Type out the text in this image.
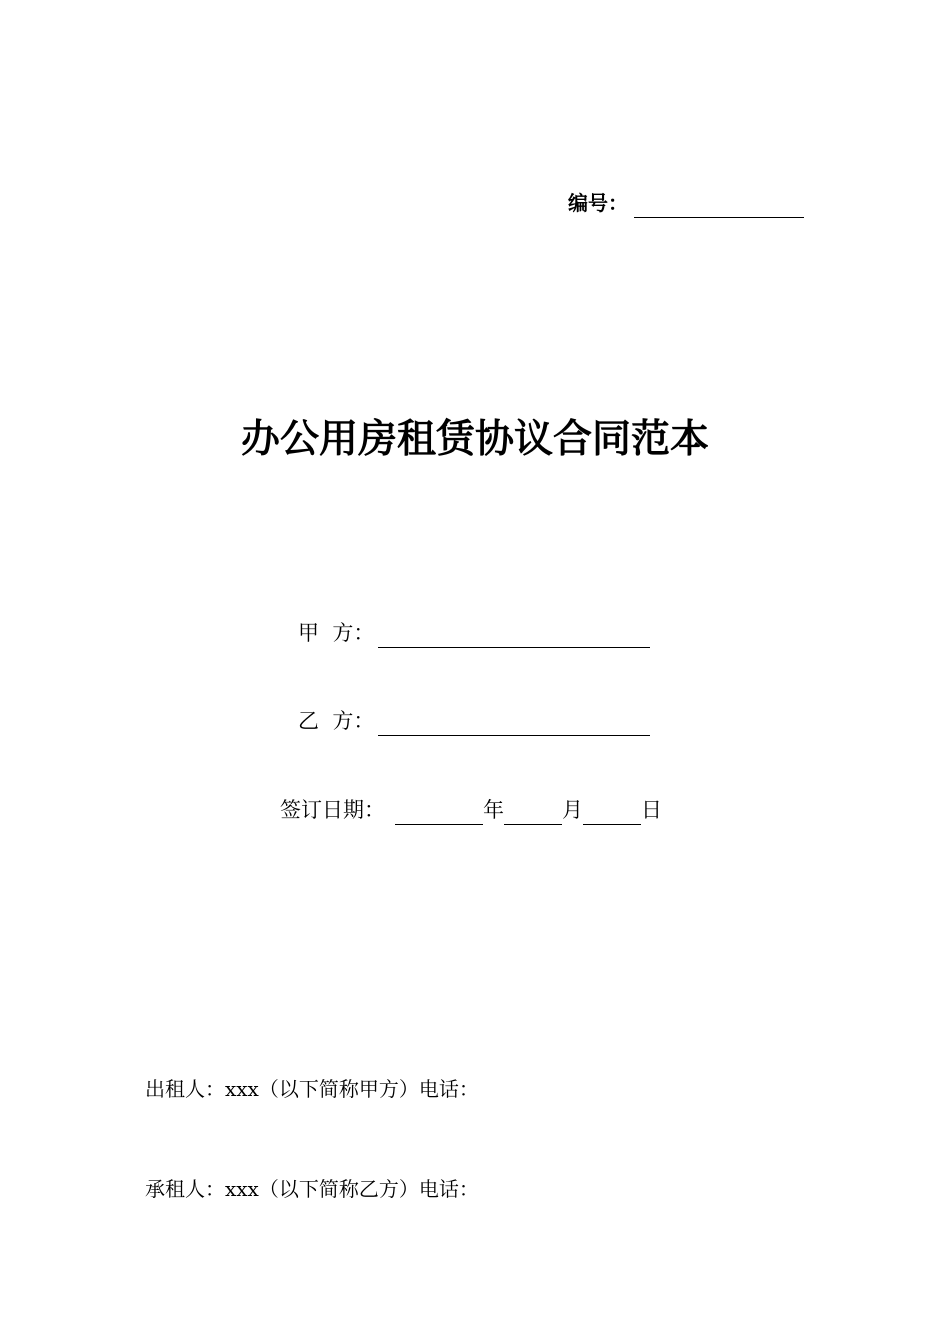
编号：
办公用房租赁协议合同范本
甲  方：
乙  方：
签订日期：	年	月	日
出租人：xxx（以下简称甲方）电话：
承租人：xxx（以下简称乙方）电话：
